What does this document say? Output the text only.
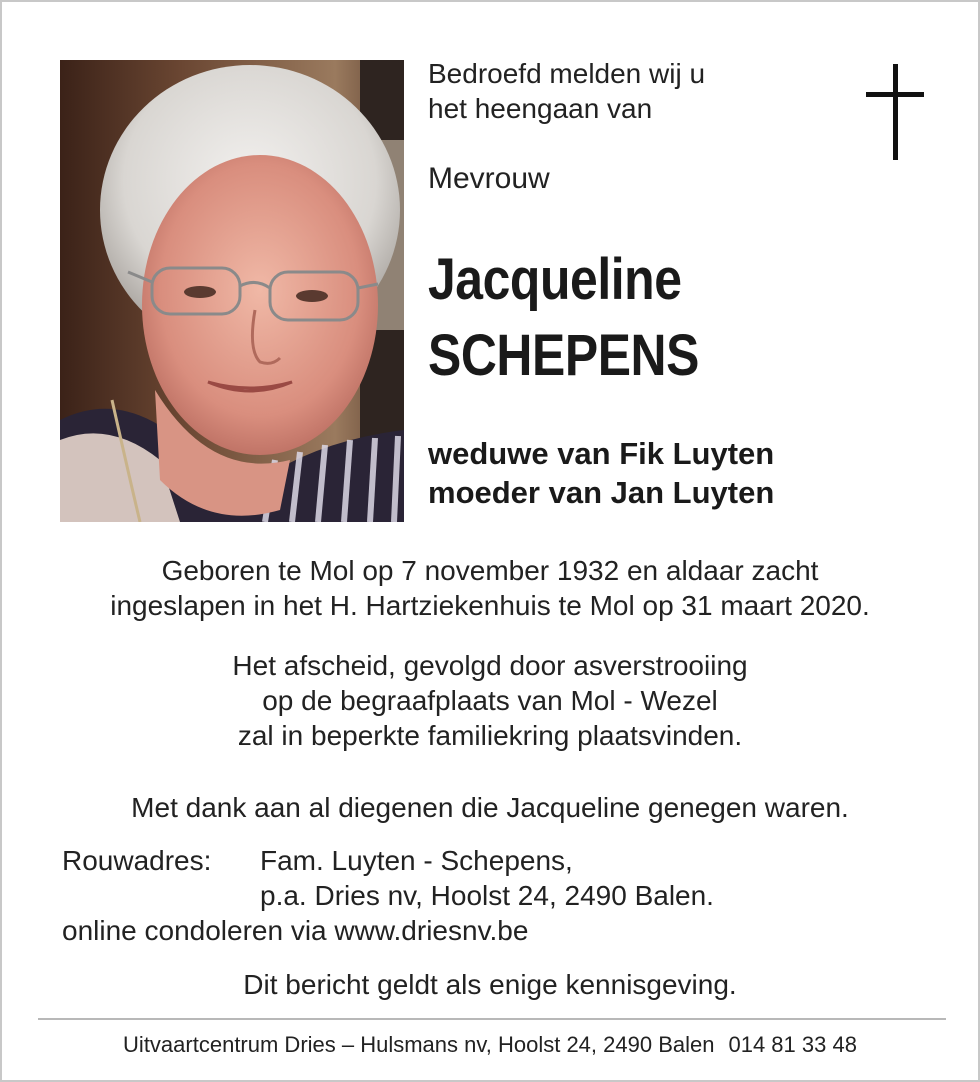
Bedroefd melden wij u
het heengaan van
Mevrouw
Jacqueline
SCHEPENS
weduwe van Fik Luyten
moeder van Jan Luyten
Geboren te Mol op 7 november 1932 en aldaar zacht
ingeslapen in het H. Hartziekenhuis te Mol op 31 maart 2020.
Het afscheid, gevolgd door asverstrooiing
op de begraafplaats van Mol - Wezel
zal in beperkte familiekring plaatsvinden.
Met dank aan al diegenen die Jacqueline genegen waren.
Rouwadres:	Fam. Luyten - Schepens,
p.a. Dries nv, Hoolst 24, 2490 Balen.
online condoleren via www.driesnv.be
Dit bericht geldt als enige kennisgeving.
Uitvaartcentrum Dries – Hulsmans nv, Hoolst 24, 2490 Balen 014 81 33 48
